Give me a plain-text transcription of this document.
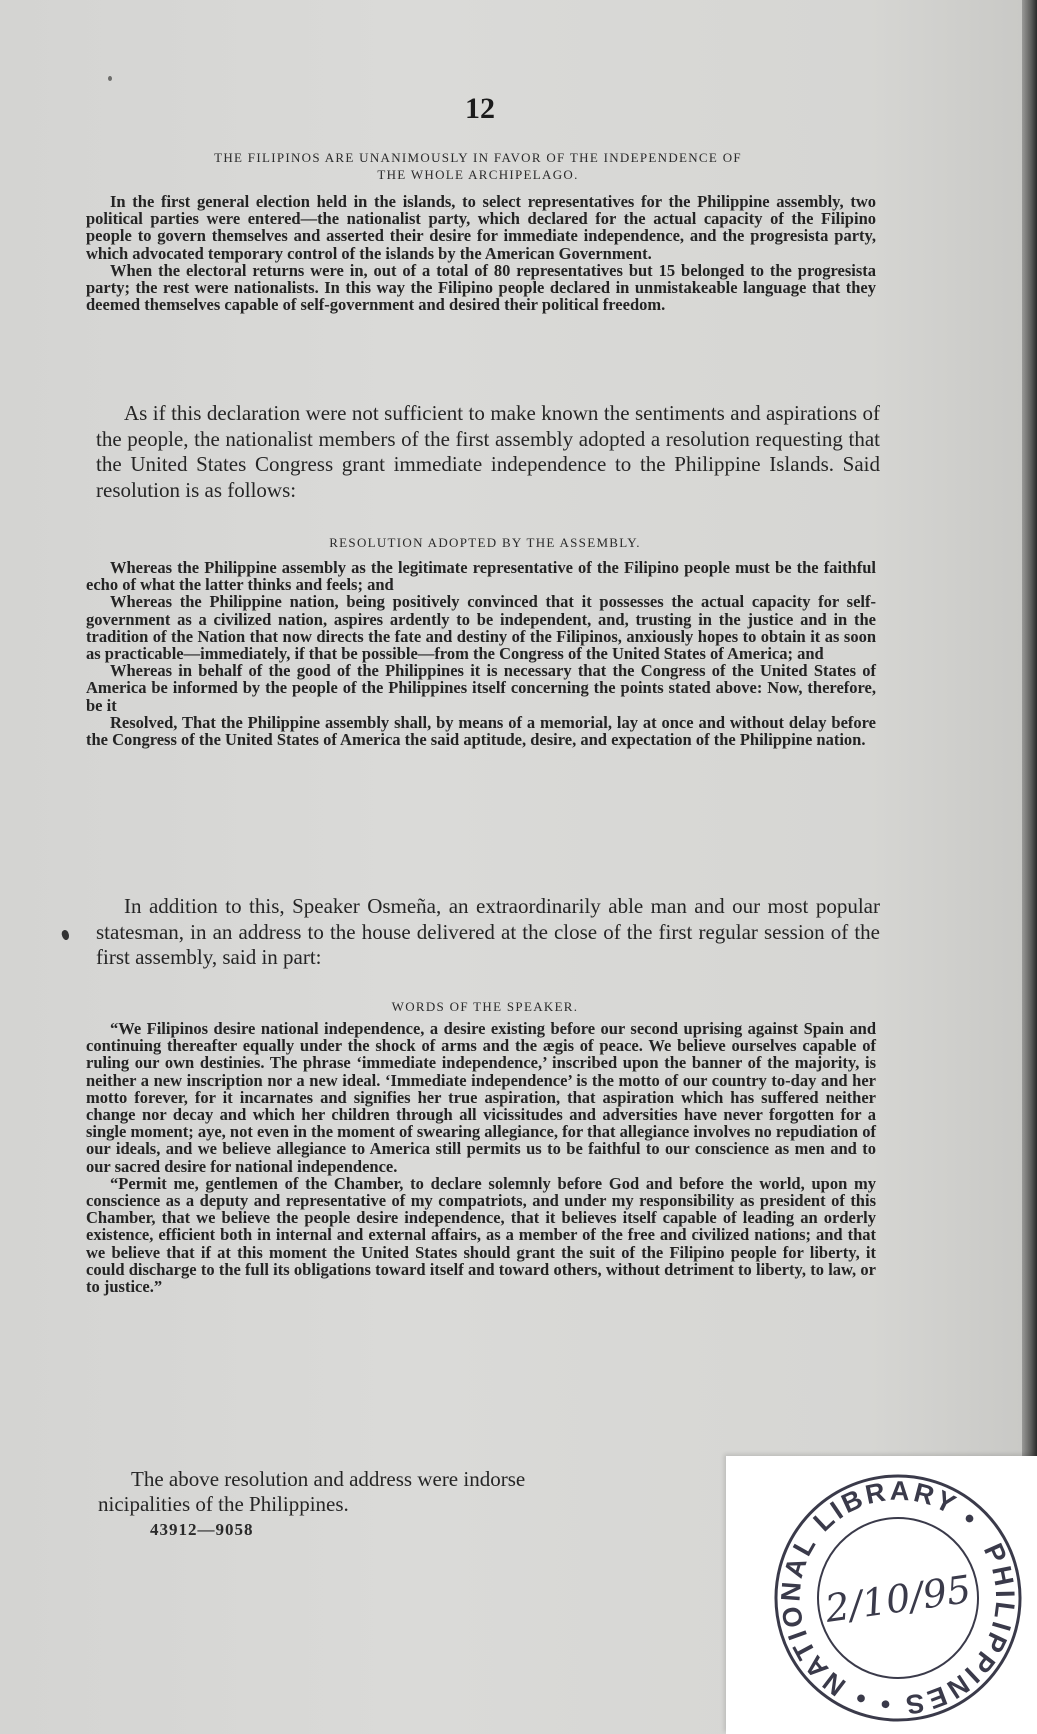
12
THE FILIPINOS ARE UNANIMOUSLY IN FAVOR OF THE INDEPENDENCE OF
THE WHOLE ARCHIPELAGO.

In the first general election held in the islands, to select representatives for the Philippine assembly, two political parties were entered—the nationalist party, which declared for the actual capacity of the Filipino people to govern themselves and asserted their desire for immediate independence, and the progresista party, which advocated temporary control of the islands by the American Government.

When the electoral returns were in, out of a total of 80 representatives but 15 belonged to the progresista party; the rest were nationalists. In this way the Filipino people declared in unmistakeable language that they deemed themselves capable of self-government and desired their political freedom.

As if this declaration were not sufficient to make known the sentiments and aspirations of the people, the nationalist members of the first assembly adopted a resolution requesting that the United States Congress grant immediate independence to the Philippine Islands. Said resolution is as follows:

RESOLUTION ADOPTED BY THE ASSEMBLY.

Whereas the Philippine assembly as the legitimate representative of the Filipino people must be the faithful echo of what the latter thinks and feels; and

Whereas the Philippine nation, being positively convinced that it possesses the actual capacity for self-government as a civilized nation, aspires ardently to be independent, and, trusting in the justice and in the tradition of the Nation that now directs the fate and destiny of the Filipinos, anxiously hopes to obtain it as soon as practicable—immediately, if that be possible—from the Congress of the United States of America; and

Whereas in behalf of the good of the Philippines it is necessary that the Congress of the United States of America be informed by the people of the Philippines itself concerning the points stated above: Now, therefore, be it

Resolved, That the Philippine assembly shall, by means of a memorial, lay at once and without delay before the Congress of the United States of America the said aptitude, desire, and expectation of the Philippine nation.

In addition to this, Speaker Osmeña, an extraordinarily able man and our most popular statesman, in an address to the house delivered at the close of the first regular session of the first assembly, said in part:

WORDS OF THE SPEAKER.

“We Filipinos desire national independence, a desire existing before our second uprising against Spain and continuing thereafter equally under the shock of arms and the ægis of peace. We believe ourselves capable of ruling our own destinies. The phrase ‘immediate independence,’ inscribed upon the banner of the majority, is neither a new inscription nor a new ideal. ‘Immediate independence’ is the motto of our country to-day and her motto forever, for it incarnates and signifies her true aspiration, that aspiration which has suffered neither change nor decay and which her children through all vicissitudes and adversities have never forgotten for a single moment; aye, not even in the moment of swearing allegiance, for that allegiance involves no repudiation of our ideals, and we believe allegiance to America still permits us to be faithful to our conscience as men and to our sacred desire for national independence.

“Permit me, gentlemen of the Chamber, to declare solemnly before God and before the world, upon my conscience as a deputy and representative of my compatriots, and under my responsibility as president of this Chamber, that we believe the people desire independence, that it believes itself capable of leading an orderly existence, efficient both in internal and external affairs, as a member of the free and civilized nations; and that we believe that if at this moment the United States should grant the suit of the Filipino people for liberty, it could discharge to the full its obligations toward itself and toward others, without detriment to liberty, to law, or to justice.”

The above resolution and address were indorse
nicipalities of the Philippines.
43912—9058
PHILIPPINES • • NATIONAL LIBRARY •
2/10/95
